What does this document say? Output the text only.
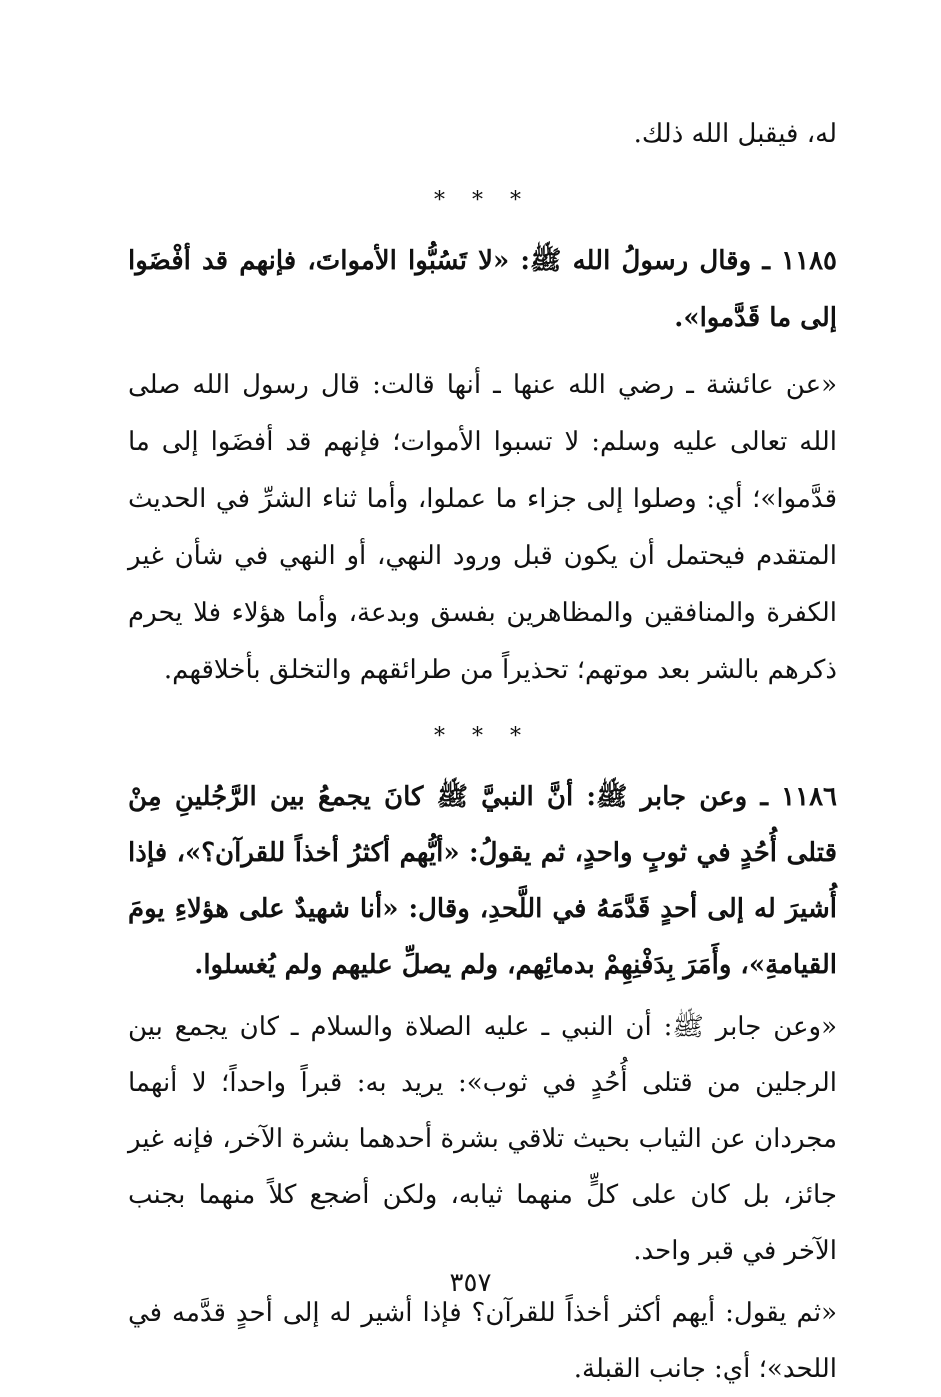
له، فيقبل الله ذلك.

* * *

١١٨٥ ـ وقال رسولُ الله ﷺ: «لا تَسُبُّوا الأمواتَ، فإنهم قد أفْضَوا إلى ما قَدَّموا».

«عن عائشة ـ رضي الله عنها ـ أنها قالت: قال رسول الله صلى الله تعالى عليه وسلم: لا تسبوا الأموات؛ فإنهم قد أفضَوا إلى ما قدَّموا»؛ أي: وصلوا إلى جزاء ما عملوا، وأما ثناء الشرِّ في الحديث المتقدم فيحتمل أن يكون قبل ورود النهي، أو النهي في شأن غير الكفرة والمنافقين والمظاهرين بفسق وبدعة، وأما هؤلاء فلا يحرم ذكرهم بالشر بعد موتهم؛ تحذيراً من طرائقهم والتخلق بأخلاقهم.

* * *

١١٨٦ ـ وعن جابر ﷺ: أنَّ النبيَّ ﷺ كانَ يجمعُ بين الرَّجُلينِ مِنْ قتلى أُحُدٍ في ثوبٍ واحدٍ، ثم يقولُ: «أيُّهم أكثرُ أخذاً للقرآن؟»، فإذا أُشيرَ له إلى أحدٍ قَدَّمَهُ في اللَّحدِ، وقال: «أنا شهيدٌ على هؤلاءِ يومَ القيامةِ»، وأَمَرَ بِدَفْنِهِمْ بدمائِهم، ولم يصلِّ عليهم ولم يُغسلوا.

«وعن جابر ﷺ: أن النبي ـ عليه الصلاة والسلام ـ كان يجمع بين الرجلين من قتلى أُحُدٍ في ثوب»: يريد به: قبراً واحداً؛ لا أنهما مجردان عن الثياب بحيث تلاقي بشرة أحدهما بشرة الآخر، فإنه غير جائز، بل كان على كلٍّ منهما ثيابه، ولكن أضجع كلاً منهما بجنب الآخر في قبر واحد.

«ثم يقول: أيهم أكثر أخذاً للقرآن؟ فإذا أشير له إلى أحدٍ قدَّمه في اللحد»؛ أي: جانب القبلة.

٣٥٧
